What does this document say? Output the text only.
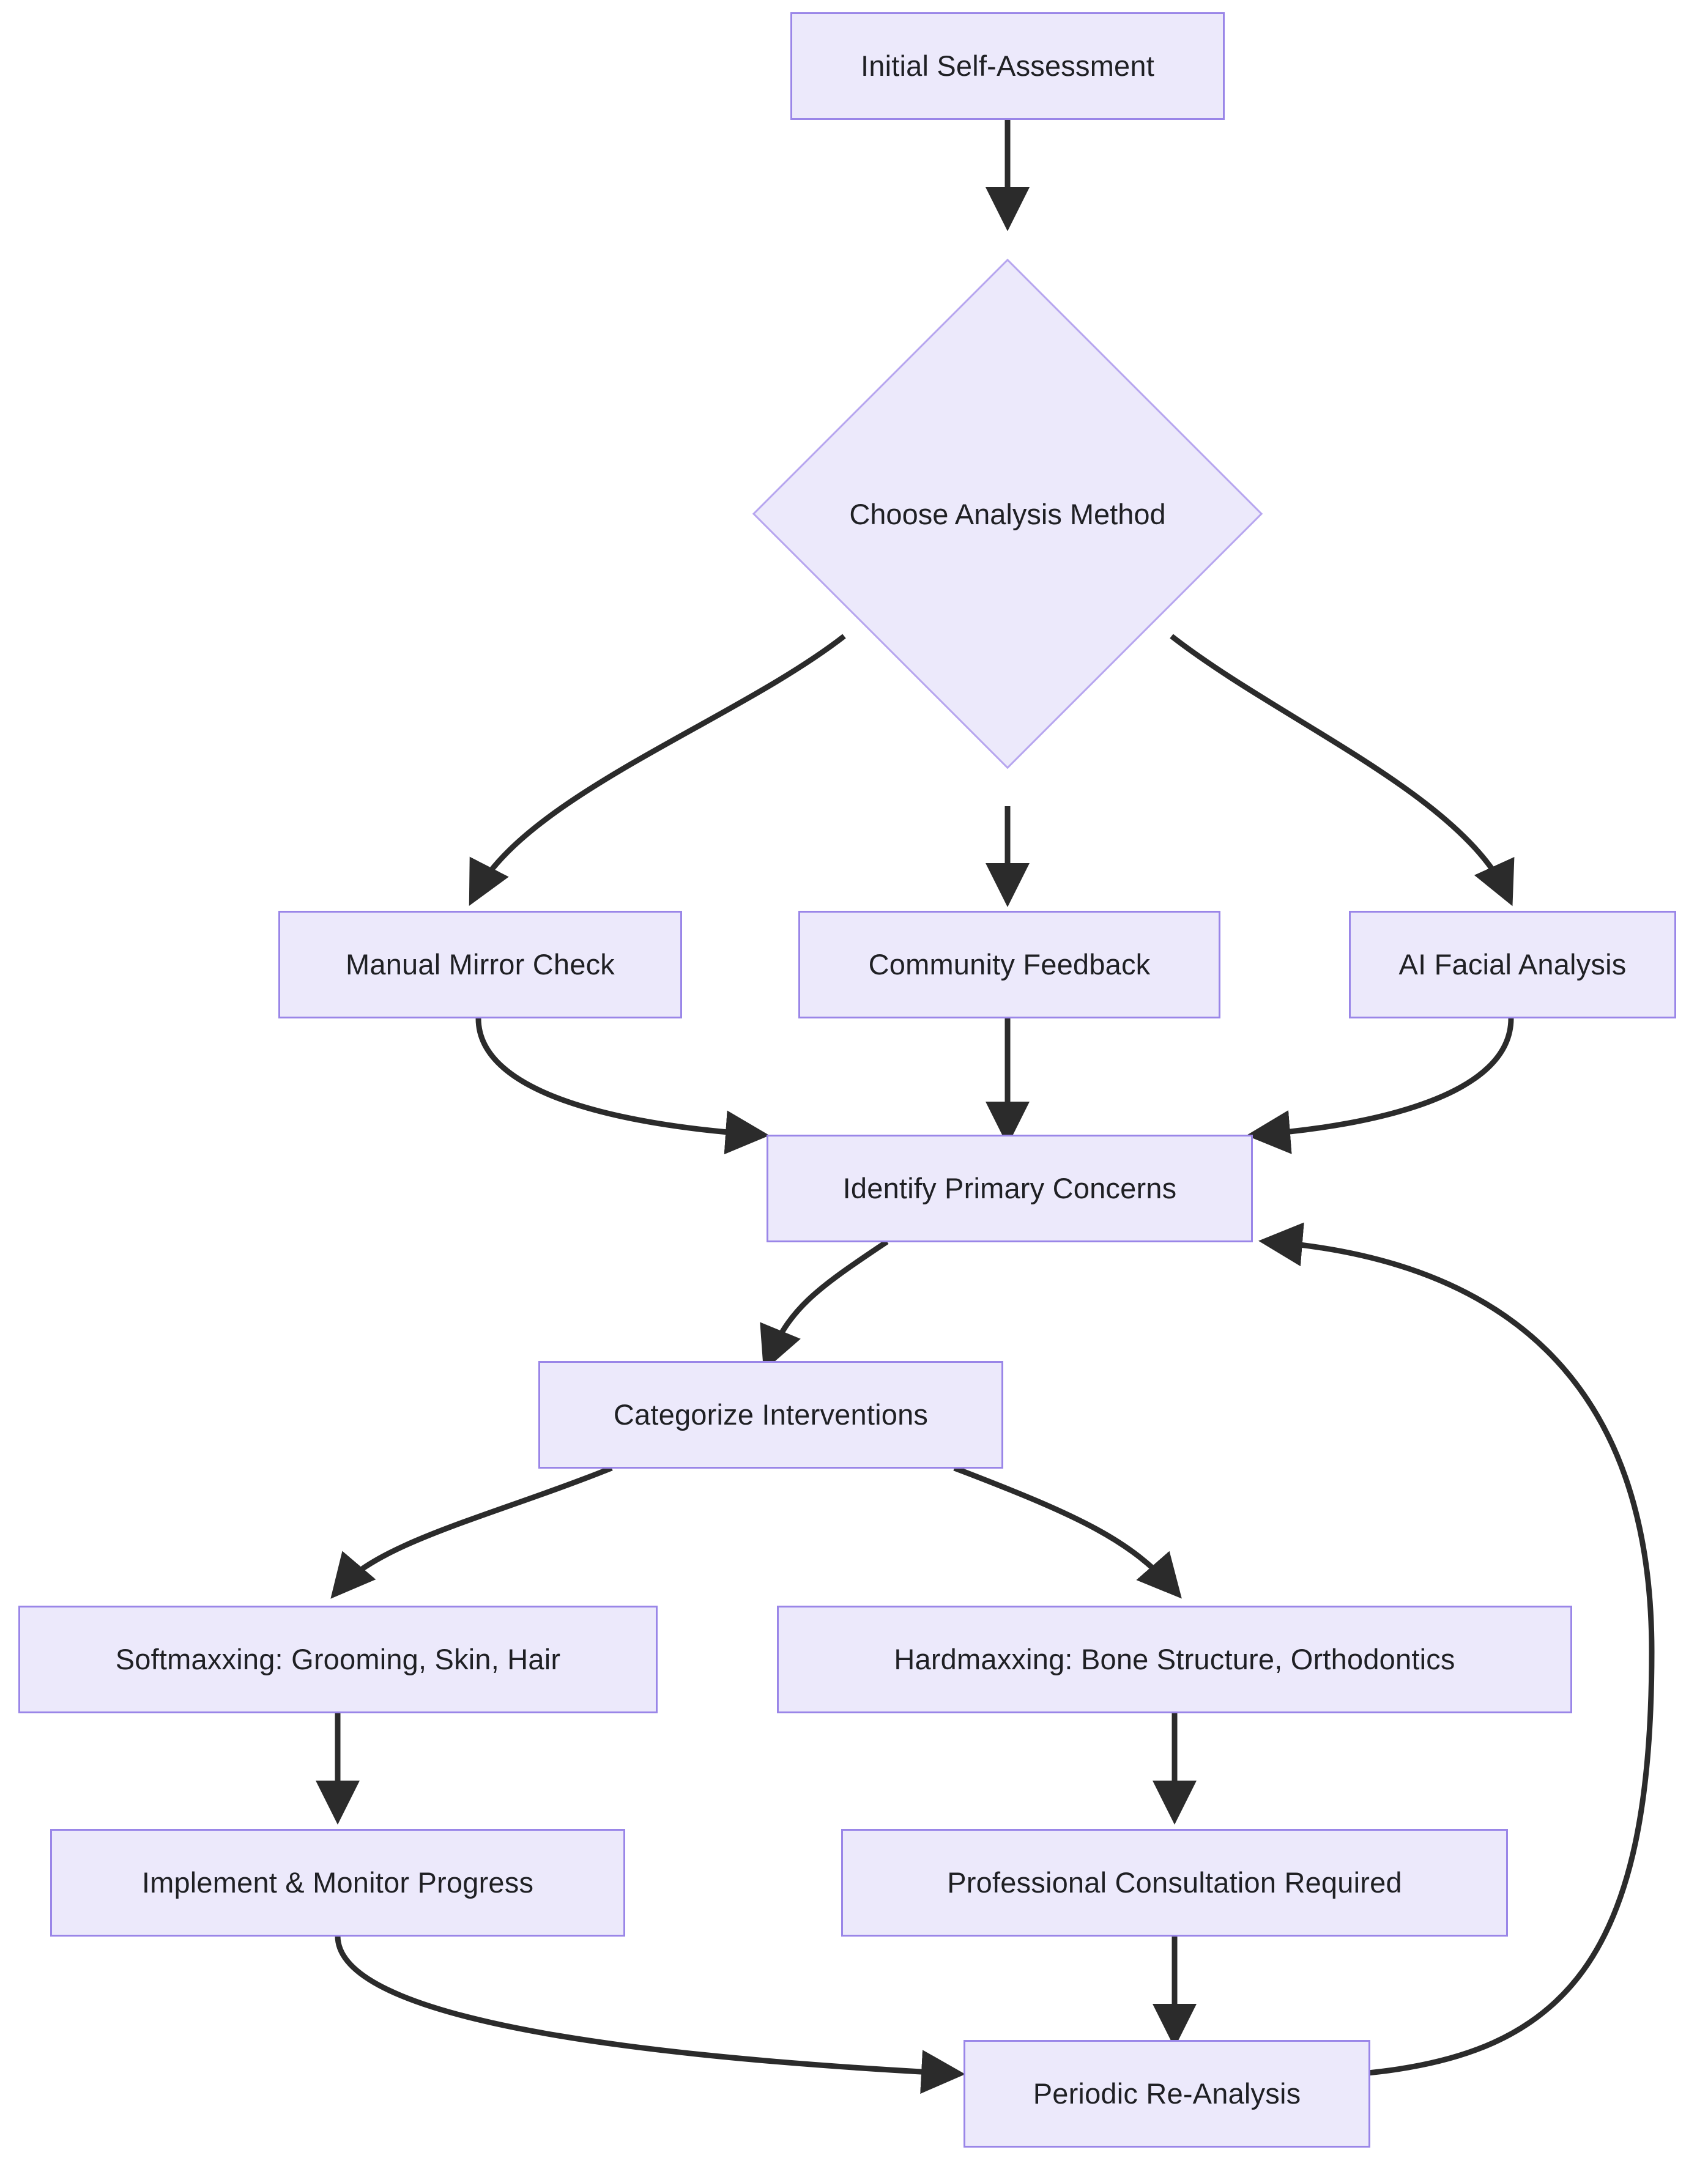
Initial Self-Assessment
Choose Analysis Method
Manual Mirror Check	Community Feedback	AI Facial Analysis
Identify Primary Concerns
Categorize Interventions
Softmaxxing: Grooming, Skin, Hair	Hardmaxxing: Bone Structure, Orthodontics
Implement & Monitor Progress	Professional Consultation Required
Periodic Re-Analysis
